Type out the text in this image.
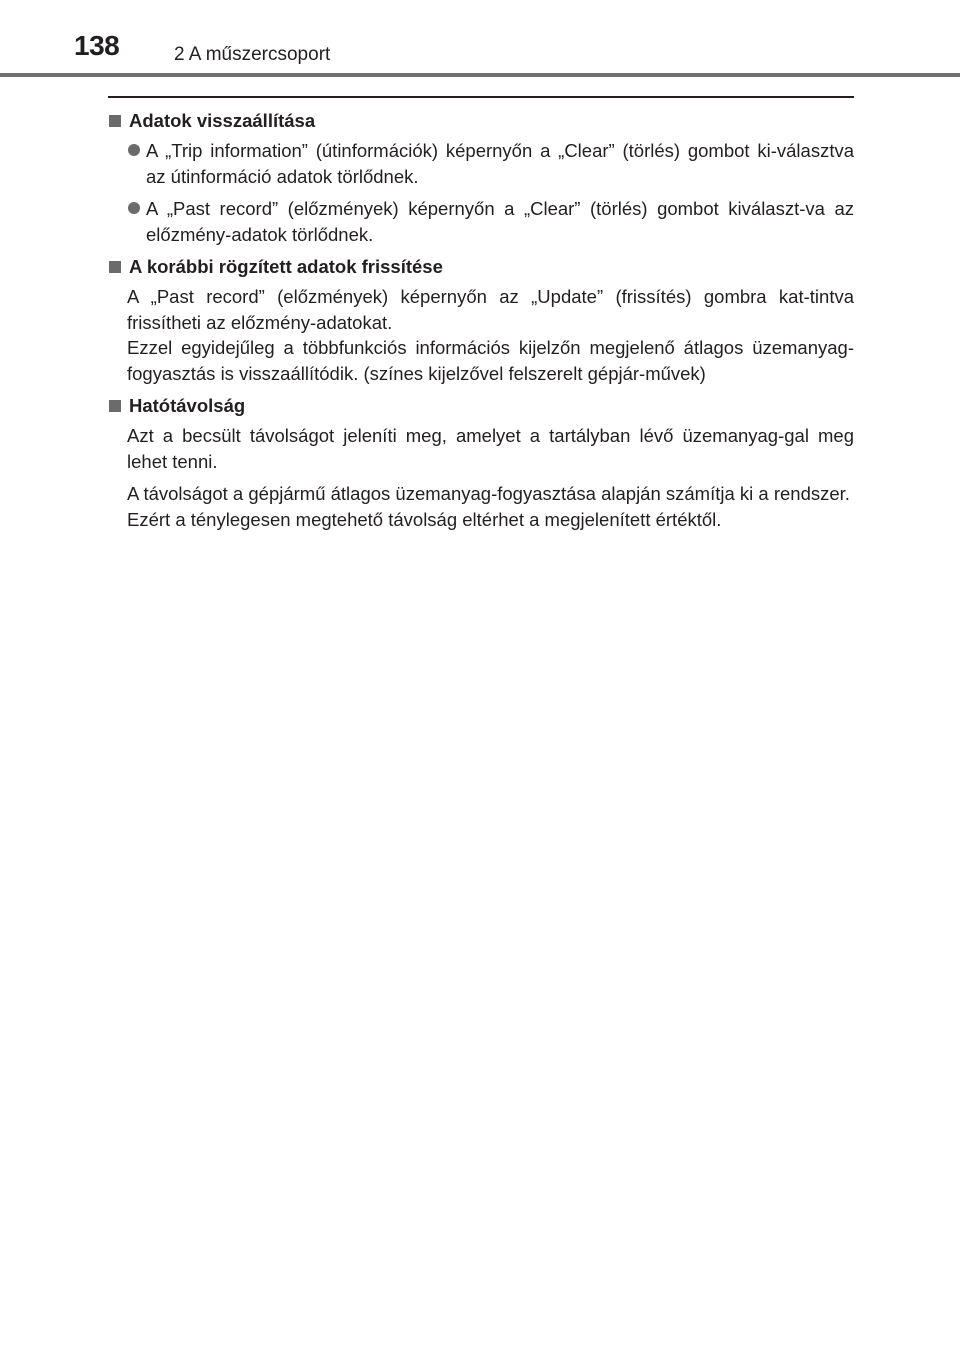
138	2 A műszercsoport
Adatok visszaállítása
A „Trip information” (útinformációk) képernyőn a „Clear” (törlés) gombot ki-választva az útinformáció adatok törlődnek.
A „Past record” (előzmények) képernyőn a „Clear” (törlés) gombot kiválaszt-va az előzmény-adatok törlődnek.
A korábbi rögzített adatok frissítése
A „Past record” (előzmények) képernyőn az „Update” (frissítés) gombra kat-tintva frissítheti az előzmény-adatokat.
Ezzel egyidejűleg a többfunkciós információs kijelzőn megjelenő átlagos üzemanyag-fogyasztás is visszaállítódik. (színes kijelzővel felszerelt gépjár-művek)
Hatótávolság
Azt a becsült távolságot jeleníti meg, amelyet a tartályban lévő üzemanyag-gal meg lehet tenni.
A távolságot a gépjármű átlagos üzemanyag-fogyasztása alapján számítja ki a rendszer.
Ezért a ténylegesen megtehető távolság eltérhet a megjelenített értéktől.
